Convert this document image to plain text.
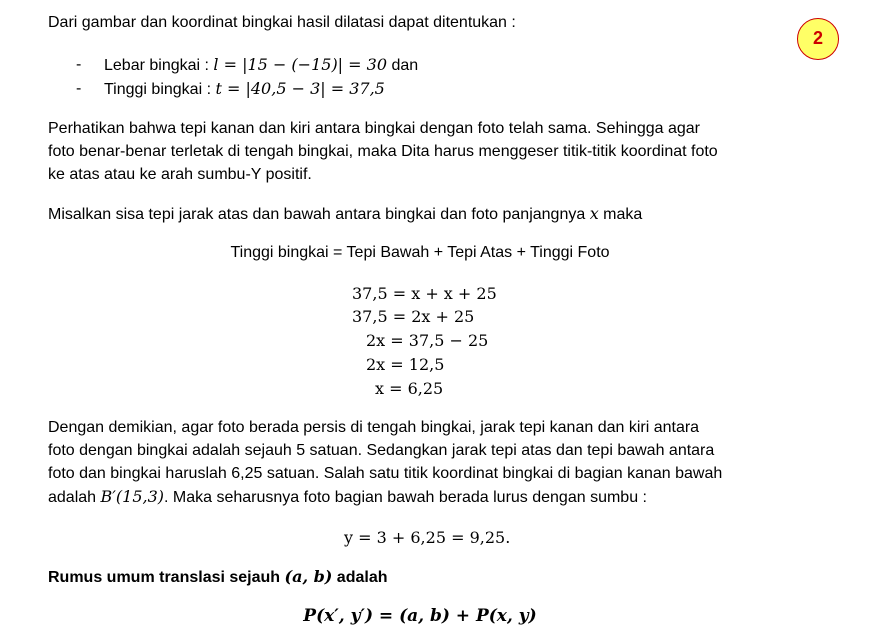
2
Dari gambar dan koordinat bingkai hasil dilatasi dapat ditentukan :
- Lebar bingkai : l = |15 − (−15)| = 30 dan
- Tinggi bingkai : t = |40,5 − 3| = 37,5
Perhatikan bahwa tepi kanan dan kiri antara bingkai dengan foto telah sama. Sehingga agar
foto benar-benar terletak di tengah bingkai, maka Dita harus menggeser titik-titik koordinat foto
ke atas atau ke arah sumbu-Y positif.
Misalkan sisa tepi jarak atas dan bawah antara bingkai dan foto panjangnya x maka
Tinggi bingkai = Tepi Bawah + Tepi Atas + Tinggi Foto
37,5 = x + x + 25
37,5 = 2x + 25
2x = 37,5 − 25
2x = 12,5
x = 6,25
Dengan demikian, agar foto berada persis di tengah bingkai, jarak tepi kanan dan kiri antara
foto dengan bingkai adalah sejauh 5 satuan. Sedangkan jarak tepi atas dan tepi bawah antara
foto dan bingkai haruslah 6,25 satuan. Salah satu titik koordinat bingkai di bagian kanan bawah
adalah B′(15,3). Maka seharusnya foto bagian bawah berada lurus dengan sumbu :
y = 3 + 6,25 = 9,25.
Rumus umum translasi sejauh (a, b) adalah
P(x′, y′) = (a, b) + P(x, y)
